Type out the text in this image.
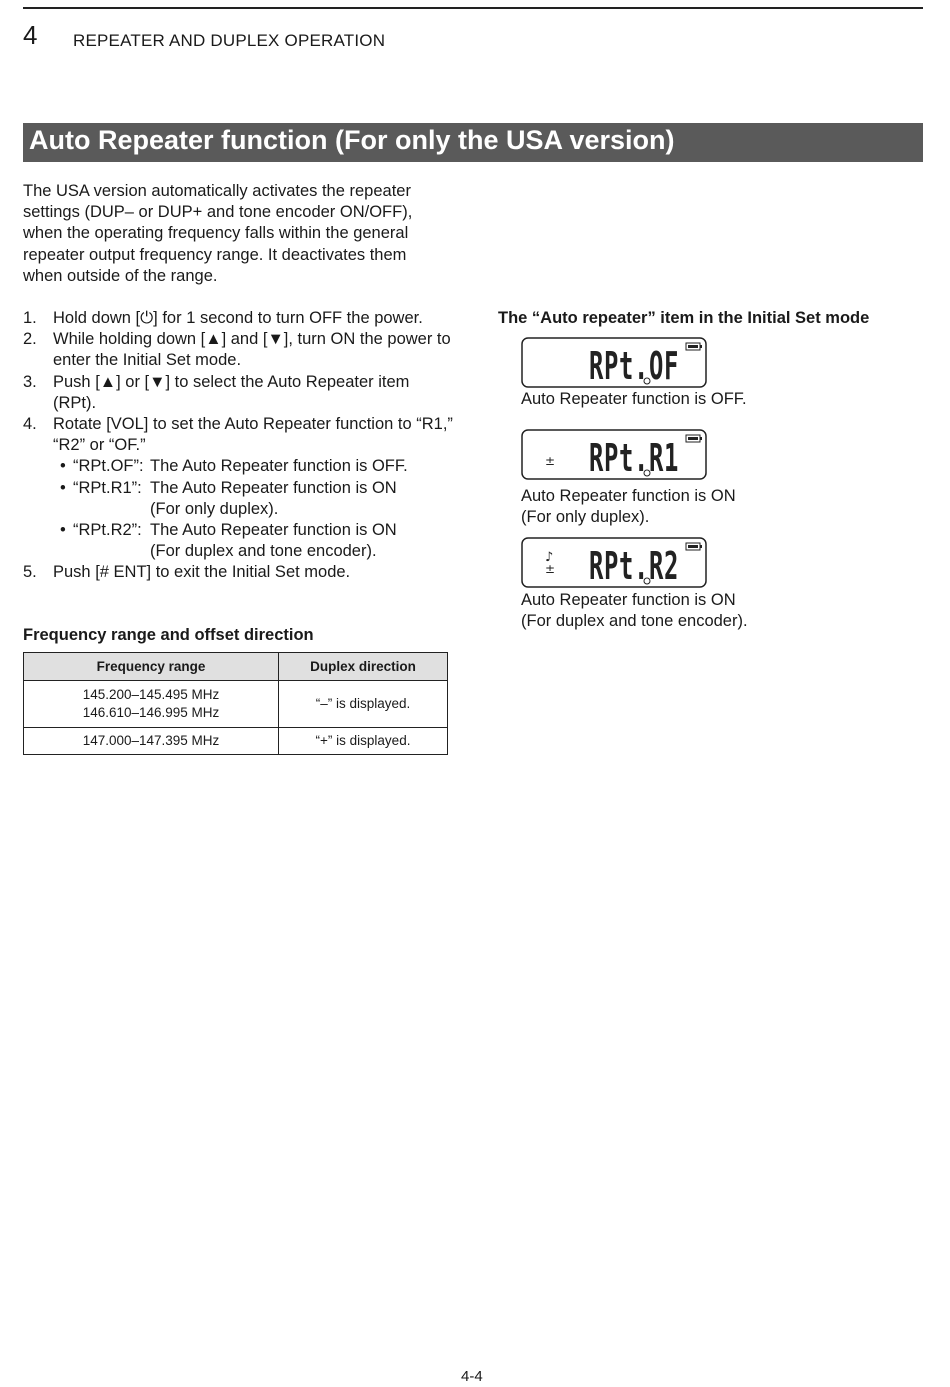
4 REPEATER AND DUPLEX OPERATION
Auto Repeater function (For only the USA version)

The USA version automatically activates the repeater settings (DUP– or DUP+ and tone encoder ON/OFF), when the operating frequency falls within the general repeater output frequency range. It deactivates them when outside of the range.

1. Hold down [⏻] for 1 second to turn OFF the power.
2. While holding down [▲] and [▼], turn ON the power to enter the Initial Set mode.
3. Push [▲] or [▼] to select the Auto Repeater item (RPt).
4. Rotate [VOL] to set the Auto Repeater function to “R1,” “R2” or “OF.”
• “RPt.OF”: The Auto Repeater function is OFF.
• “RPt.R1”: The Auto Repeater function is ON
(For only duplex).
• “RPt.R2”: The Auto Repeater function is ON
(For duplex and tone encoder).
5. Push [# ENT] to exit the Initial Set mode.

Frequency range and offset direction

Frequency range	Duplex direction

145.200–145.495 MHz
146.610–146.995 MHz	“–” is displayed.

147.000–147.395 MHz	“+” is displayed.

The “Auto repeater” item in the Initial Set mode

RPt.OF

Auto Repeater function is OFF.

RPt.R1
±

Auto Repeater function is ON
(For only duplex).

RPt.R2
±
♪

Auto Repeater function is ON
(For duplex and tone encoder).

4-4
